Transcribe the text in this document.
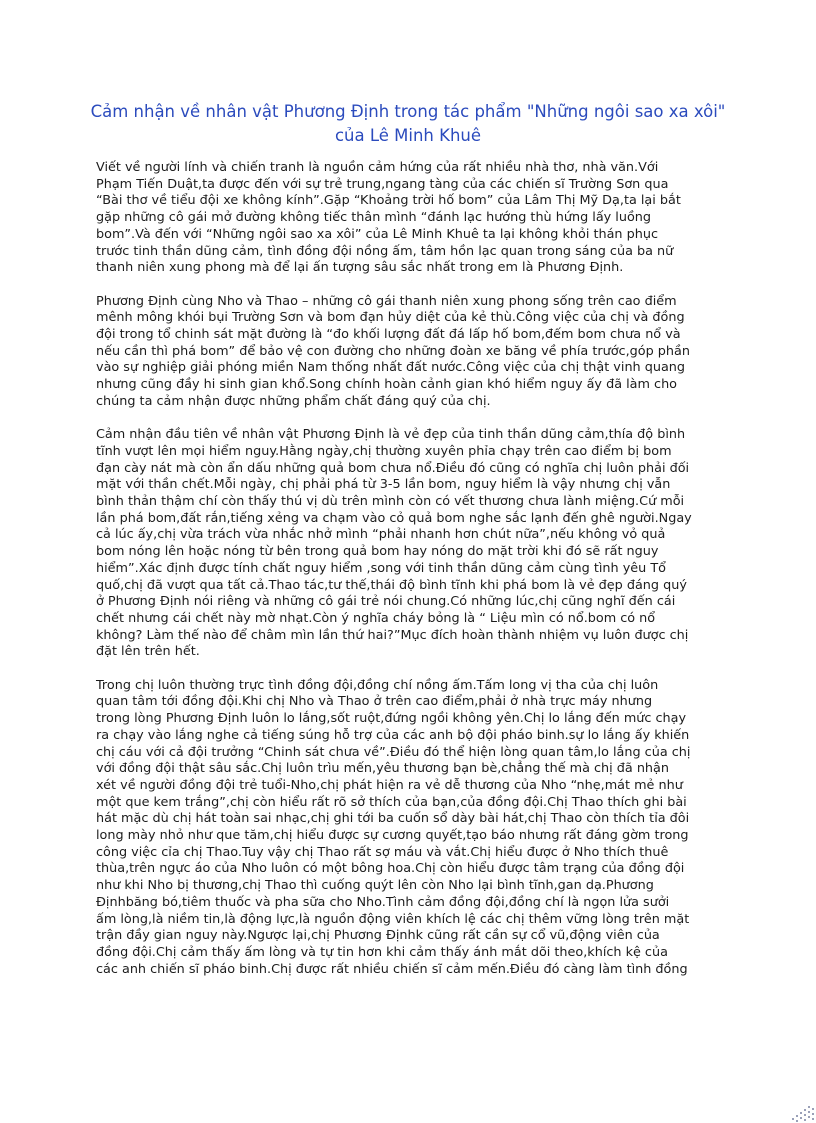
Cảm nhận về nhân vật Phương Định trong tác phẩm "Những ngôi sao xa xôi" của Lê Minh Khuê

Viết về người lính và chiến tranh là nguồn cảm hứng của rất nhiều nhà thơ, nhà văn.Với
Phạm Tiến Duật,ta được đến với sự trẻ trung,ngang tàng của các chiến sĩ Trường Sơn qua
“Bài thơ về tiểu đội xe không kính”.Gặp “Khoảng trời hố bom” của Lâm Thị Mỹ Dạ,ta lại bắt
gặp những cô gái mở đường không tiếc thân mình “đánh lạc hướng thù hứng lấy luồng
bom”.Và đến với “Những ngôi sao xa xôi” của Lê Minh Khuê ta lại không khỏi thán phục
trước tinh thần dũng cảm, tình đồng đội nồng ấm, tâm hồn lạc quan trong sáng của ba nữ
thanh niên xung phong mà để lại ấn tượng sâu sắc nhất trong em là Phương Định.

Phương Định cùng Nho và Thao – những cô gái thanh niên xung phong sống trên cao điểm
mênh mông khói bụi Trường Sơn và bom đạn hủy diệt của kẻ thù.Công việc của chị và đồng
đội trong tổ chinh sát mặt đường là “đo khối lượng đất đá lấp hố bom,đếm bom chưa nổ và
nếu cần thì phá bom” để bảo vệ con đường cho những đoàn xe băng về phía trước,góp phần
vào sự nghiệp giải phóng miền Nam thống nhất đất nước.Công việc của chị thật vinh quang
nhưng cũng đầy hi sinh gian khổ.Song chính hoàn cảnh gian khó hiểm nguy ấy đã làm cho
chúng ta cảm nhận được những phẩm chất đáng quý của chị.

Cảm nhận đầu tiên về nhân vật Phương Định là vẻ đẹp của tinh thần dũng cảm,thía độ bình
tĩnh vượt lên mọi hiểm nguy.Hằng ngày,chị thường xuyên phỉa chạy trên cao điểm bị bom
đạn cày nát mà còn ẩn dấu những quả bom chưa nổ.Điều đó cũng có nghĩa chị luôn phải đối
mặt với thần chết.Mỗi ngày, chị phải phá từ 3-5 lần bom, nguy hiểm là vậy nhưng chị vẫn
bình thản thậm chí còn thấy thú vị dù trên mình còn có vết thương chưa lành miệng.Cứ mỗi
lần phá bom,đất rắn,tiếng xẻng va chạm vào cỏ quả bom nghe sắc lạnh đến ghê người.Ngay
cả lúc ấy,chị vừa trách vừa nhắc nhở mình “phải nhanh hơn chút nữa”,nếu không vỏ quả
bom nóng lên hoặc nóng từ bên trong quả bom hay nóng do mặt trời khi đó sẽ rất nguy
hiểm”.Xác định được tính chất nguy hiểm ,song với tinh thần dũng cảm cùng tình yêu Tổ
quố,chị đã vượt qua tất cả.Thao tác,tư thế,thái độ bình tĩnh khi phá bom là vẻ đẹp đáng quý
ở Phương Định nói riêng và những cô gái trẻ nói chung.Có những lúc,chị cũng nghĩ đến cái
chết nhưng cái chết này mờ nhạt.Còn ý nghĩa cháy bỏng là “ Liệu mìn có nổ.bom có nổ
không? Làm thế nào để châm mìn lần thứ hai?”Mục đích hoàn thành nhiệm vụ luôn được chị
đặt lên trên hết.

Trong chị luôn thường trực tình đồng đội,đồng chí nồng ấm.Tấm long vị tha của chị luôn
quan tâm tới đồng đội.Khi chị Nho và Thao ở trên cao điểm,phải ở nhà trực máy nhưng
trong lòng Phương Định luôn lo lắng,sốt ruột,đứng ngồi không yên.Chị lo lắng đến mức chạy
ra chạy vào lắng nghe cả tiếng súng hỗ trợ của các anh bộ đội pháo binh.sự lo lắng ấy khiến
chị cáu với cả đội trưởng “Chinh sát chưa về”.Điều đó thể hiện lòng quan tâm,lo lắng của chị
với đồng đội thật sâu sắc.Chị luôn trìu mến,yêu thương bạn bè,chẳng thế mà chị đã nhận
xét về người đồng đội trẻ tuổi-Nho,chị phát hiện ra vẻ dễ thương của Nho “nhẹ,mát mẻ như
một que kem trắng”,chị còn hiểu rất rõ sở thích của bạn,của đồng đội.Chị Thao thích ghi bài
hát mặc dù chị hát toàn sai nhạc,chị ghi tới ba cuốn sổ dày bài hát,chị Thao còn thích tỉa đôi
long mày nhỏ như que tăm,chị hiểu được sự cương quyết,tạo báo nhưng rất đáng gờm trong
công việc cỉa chị Thao.Tuy vậy chị Thao rất sợ máu và vắt.Chị hiểu được ở Nho thích thuê
thùa,trên ngực áo của Nho luôn có một bông hoa.Chị còn hiểu được tâm trạng của đồng đội
như khi Nho bị thương,chị Thao thì cuống quýt lên còn Nho lại bình tĩnh,gan dạ.Phương
Địnhbăng bó,tiêm thuốc và pha sữa cho Nho.Tình cảm đồng đội,đồng chí là ngọn lửa sưởi
ấm lòng,là niềm tin,là động lực,là nguồn động viên khích lệ các chị thêm vững lòng trên mặt
trận đầy gian nguy này.Ngược lại,chị Phương Địnhk cũng rất cần sự cổ vũ,động viên của
đồng đội.Chị cảm thấy ấm lòng và tự tin hơn khi cảm thấy ánh mắt dõi theo,khích kệ của
các anh chiến sĩ pháo binh.Chị được rất nhiều chiến sĩ cảm mến.Điều đó càng làm tình đồng
